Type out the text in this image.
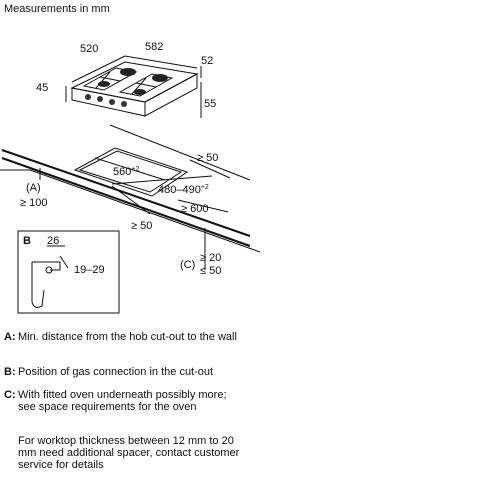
Measurements in mm
520	582
52
45
55
$560^{+2}$
$480-490^{+2}$
≥ 50
≥ 600
≥ 50
(A)
≥ 100
(C)
≥ 20
≤ 50
B 26
19–29
A: Min. distance from the hob cut-out to the wall
B: Position of gas connection in the cut-out
C: With fitted oven underneath possibly more; see space requirements for the oven
For worktop thickness between 12 mm to 20 mm need additional spacer, contact customer service for details
